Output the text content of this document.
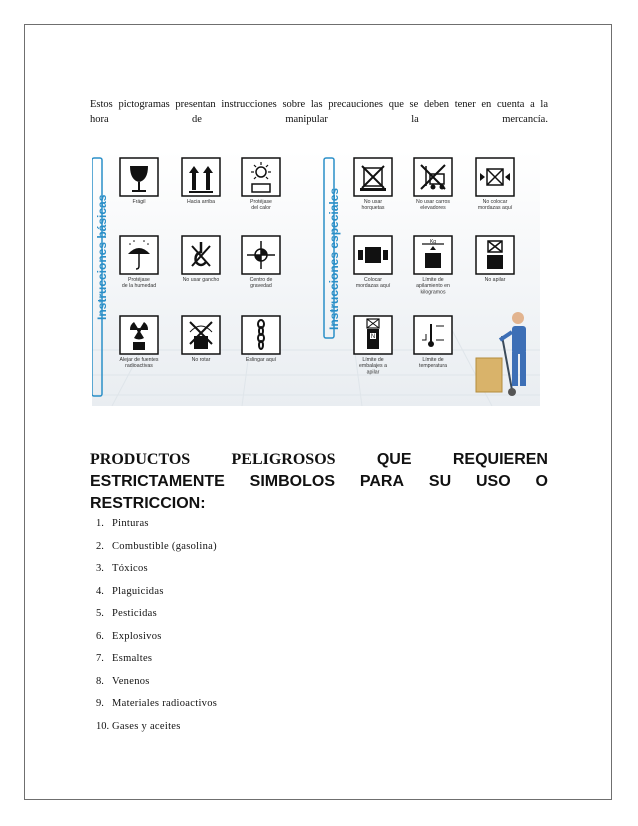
Estos pictogramas presentan instrucciones sobre las precauciones que se deben tener en cuenta a la
hora	de	manipular	la	mercancía.
Instrucciones básicas	Instrucciones especiales
Frágil	Hacia arriba	Protéjase
del calor
Protéjase
de la humedad
No usar gancho	Centro de
gravedad
Alejar de fuentes
radioactivas
No rotar	Eslingar aquí
No usar
horquetas
No usar carros
elevadores
No colocar
mordazas aquí
Colocar
mordazas aquí
Kg
Límite de
apilamiento en
kilogramos
No apilar
N
Límite de
embalajes a
apilar
Límite de
temperatura
PRODUCTOS	PELIGROSOS	QUE	REQUIEREN
ESTRICTAMENTE SIMBOLOS PARA SU USO O
RESTRICCION:
1. Pinturas
2. Combustible (gasolina)
3. Tóxicos
4. Plaguicidas
5. Pesticidas
6. Explosivos
7. Esmaltes
8. Venenos
9. Materiales radioactivos
10. Gases y aceites
